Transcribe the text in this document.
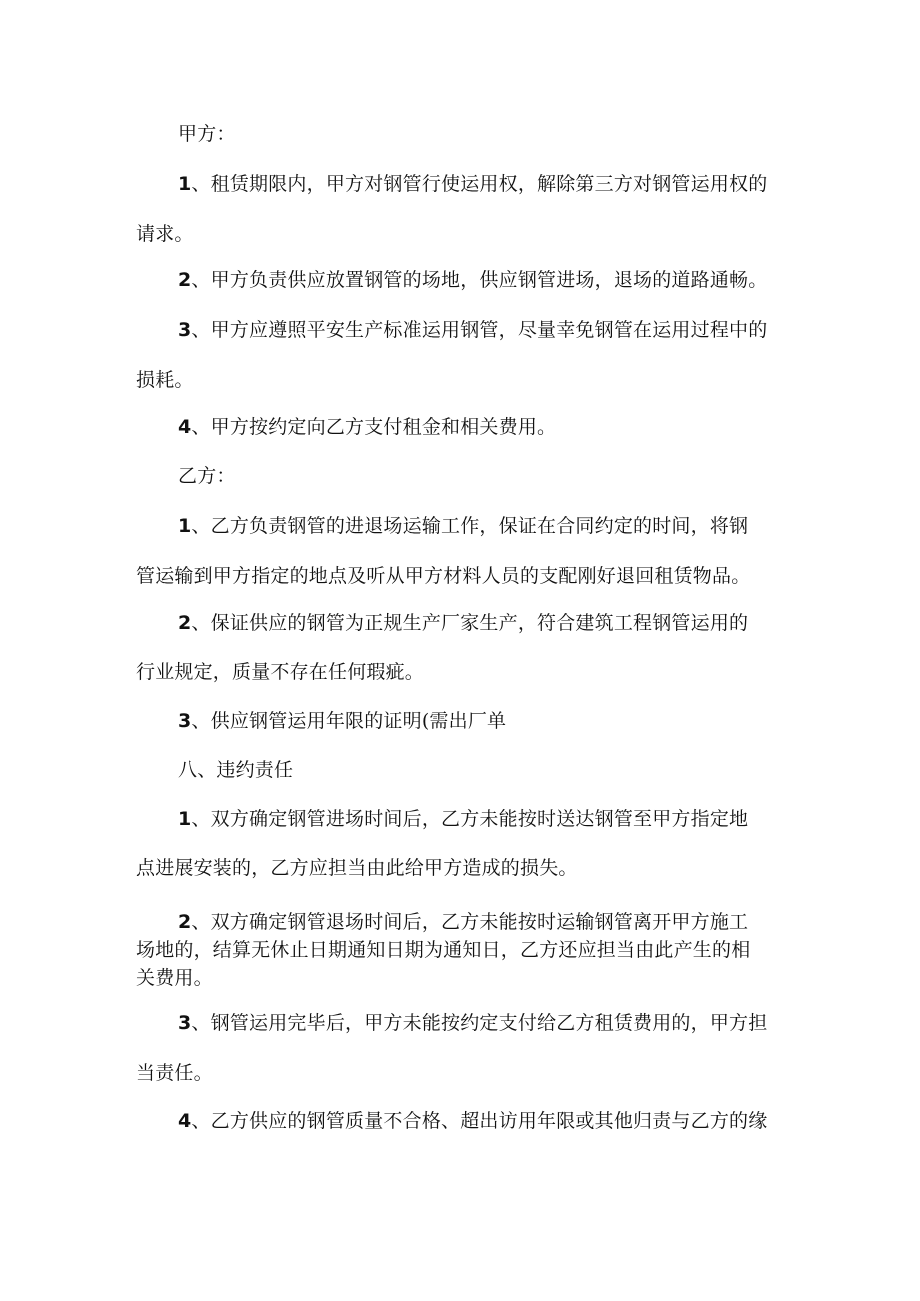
甲方：
1、租赁期限内，甲方对钢管行使运用权，解除第三方对钢管运用权的
请求。
2、甲方负责供应放置钢管的场地，供应钢管进场，退场的道路通畅。
3、甲方应遵照平安生产标准运用钢管，尽量幸免钢管在运用过程中的
损耗。
4、甲方按约定向乙方支付租金和相关费用。
乙方：
1、乙方负责钢管的进退场运输工作，保证在合同约定的时间，将钢
管运输到甲方指定的地点及听从甲方材料人员的支配刚好退回租赁物品。
2、保证供应的钢管为正规生产厂家生产，符合建筑工程钢管运用的
行业规定，质量不存在任何瑕疵。
3、供应钢管运用年限的证明(需出厂单
八、违约责任
1、双方确定钢管进场时间后，乙方未能按时送达钢管至甲方指定地
点进展安装的，乙方应担当由此给甲方造成的损失。
2、双方确定钢管退场时间后，乙方未能按时运输钢管离开甲方施工
场地的，结算无休止日期通知日期为通知日，乙方还应担当由此产生的相
关费用。
3、钢管运用完毕后，甲方未能按约定支付给乙方租赁费用的，甲方担
当责任。
4、乙方供应的钢管质量不合格、超出访用年限或其他归责与乙方的缘
